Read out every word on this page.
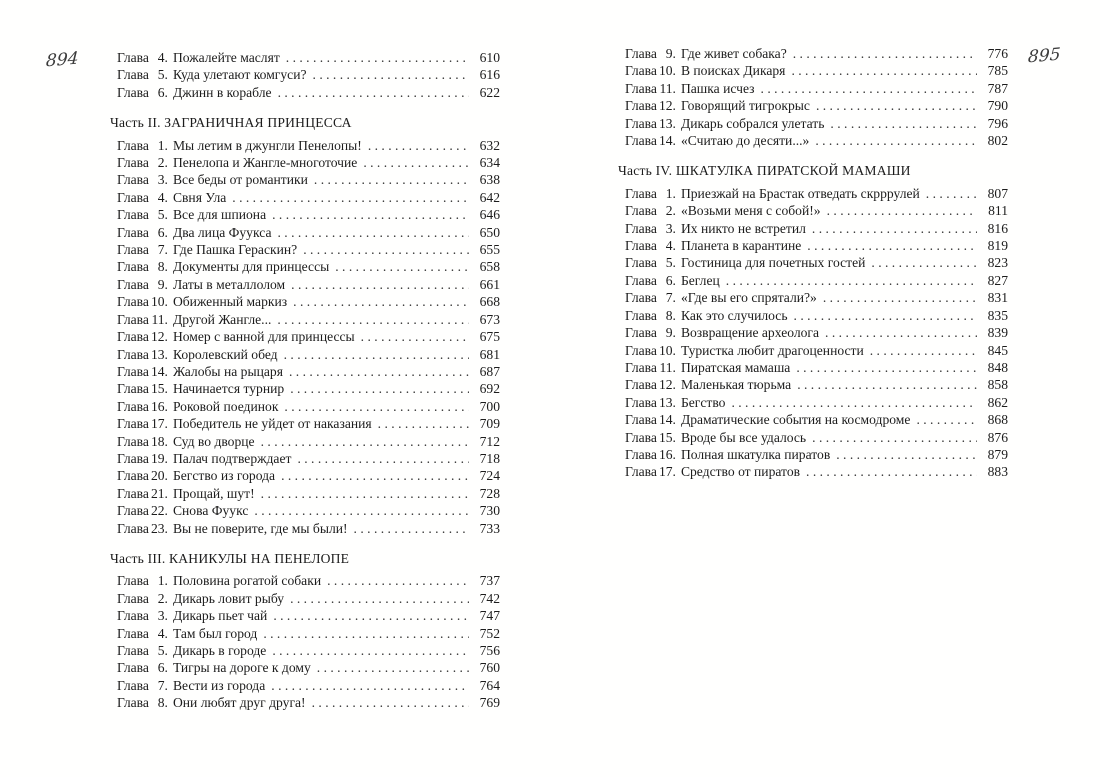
894	895
Глава 4. Пожалейте маслят . . .	610
Глава 5. Куда улетают комгуси? . . .	616
Глава 6. Джинн в корабле . . .	622
Часть II. ЗАГРАНИЧНАЯ ПРИНЦЕССА
Глава 1. Мы летим в джунгли Пенелопы! . . .	632
Глава 2. Пенелопа и Жангле-многоточие . . .	634
Глава 3. Все беды от романтики . . .	638
Глава 4. Свня Ула . . .	642
Глава 5. Все для шпиона . . .	646
Глава 6. Два лица Фуукса . . .	650
Глава 7. Где Пашка Гераскин? . . .	655
Глава 8. Документы для принцессы . . .	658
Глава 9. Латы в металлолом . . .	661
Глава 10. Обиженный маркиз . . .	668
Глава 11. Другой Жангле... . . .	673
Глава 12. Номер с ванной для принцессы . . .	675
Глава 13. Королевский обед . . .	681
Глава 14. Жалобы на рыцаря . . .	687
Глава 15. Начинается турнир . . .	692
Глава 16. Роковой поединок . . .	700
Глава 17. Победитель не уйдет от наказания . . .	709
Глава 18. Суд во дворце . . .	712
Глава 19. Палач подтверждает . . .	718
Глава 20. Бегство из города . . .	724
Глава 21. Прощай, шут! . . .	728
Глава 22. Снова Фуукс . . .	730
Глава 23. Вы не поверите, где мы были! . . .	733
Часть III. КАНИКУЛЫ НА ПЕНЕЛОПЕ
Глава 1. Половина рогатой собаки . . .	737
Глава 2. Дикарь ловит рыбу . . .	742
Глава 3. Дикарь пьет чай . . .	747
Глава 4. Там был город . . .	752
Глава 5. Дикарь в городе . . .	756
Глава 6. Тигры на дороге к дому . . .	760
Глава 7. Вести из города . . .	764
Глава 8. Они любят друг друга! . . .	769
Глава 9. Где живет собака? . . .	776
Глава 10. В поисках Дикаря . . .	785
Глава 11. Пашка исчез . . .	787
Глава 12. Говорящий тигрокрыс . . .	790
Глава 13. Дикарь собрался улетать . . .	796
Глава 14. «Считаю до десяти...» . . .	802
Часть IV. ШКАТУЛКА ПИРАТСКОЙ МАМАШИ
Глава 1. Приезжай на Брастак отведать скрррулей . . .	807
Глава 2. «Возьми меня с собой!» . . .	811
Глава 3. Их никто не встретил . . .	816
Глава 4. Планета в карантине . . .	819
Глава 5. Гостиница для почетных гостей . . .	823
Глава 6. Беглец . . .	827
Глава 7. «Где вы его спрятали?» . . .	831
Глава 8. Как это случилось . . .	835
Глава 9. Возвращение археолога . . .	839
Глава 10. Туристка любит драгоценности . . .	845
Глава 11. Пиратская мамаша . . .	848
Глава 12. Маленькая тюрьма . . .	858
Глава 13. Бегство . . .	862
Глава 14. Драматические события на космодроме . . .	868
Глава 15. Вроде бы все удалось . . .	876
Глава 16. Полная шкатулка пиратов . . .	879
Глава 17. Средство от пиратов . . .	883
